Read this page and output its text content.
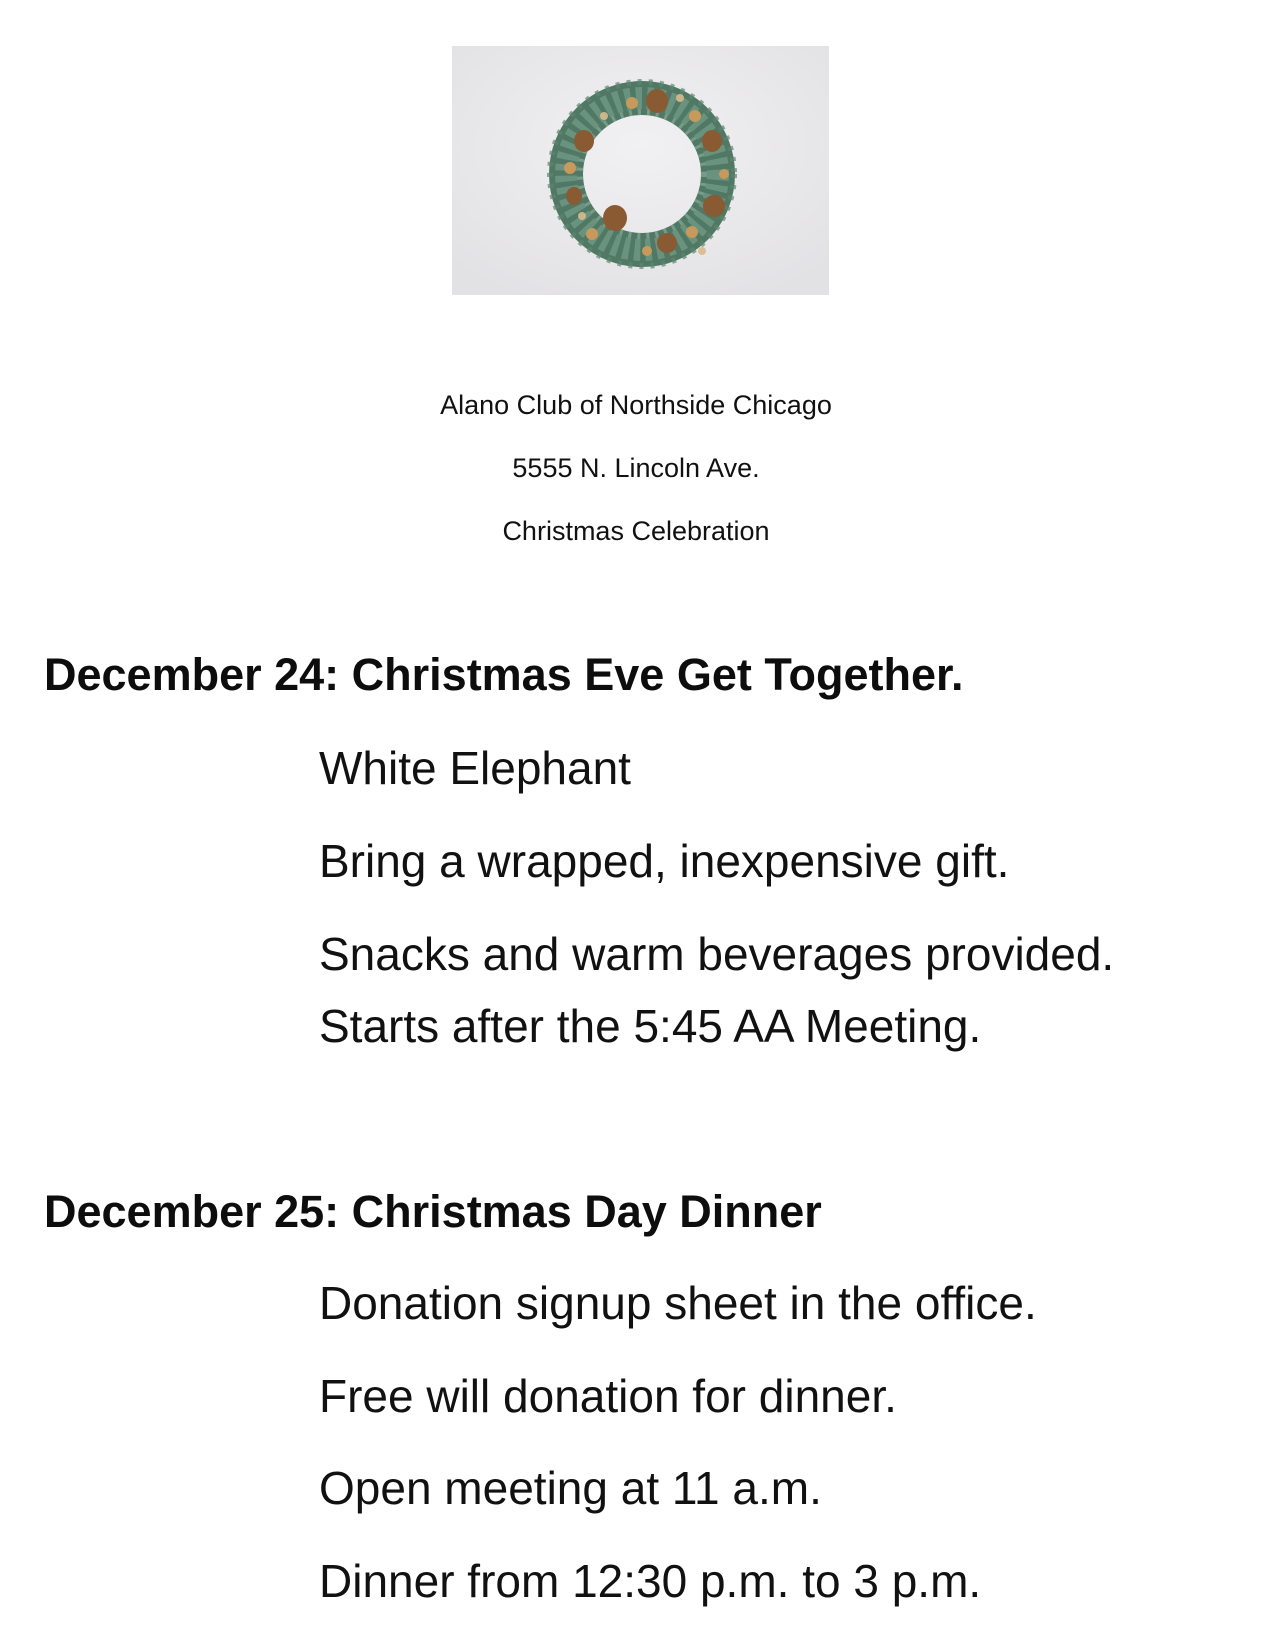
Alano Club of Northside Chicago
5555 N. Lincoln Ave.
Christmas Celebration
December 24: Christmas Eve Get Together.
White Elephant
Bring a wrapped, inexpensive gift.
Snacks and warm beverages provided.
Starts after the 5:45 AA Meeting.
December 25: Christmas Day Dinner
Donation signup sheet in the office.
Free will donation for dinner.
Open meeting at 11 a.m.
Dinner from 12:30 p.m. to 3 p.m.
